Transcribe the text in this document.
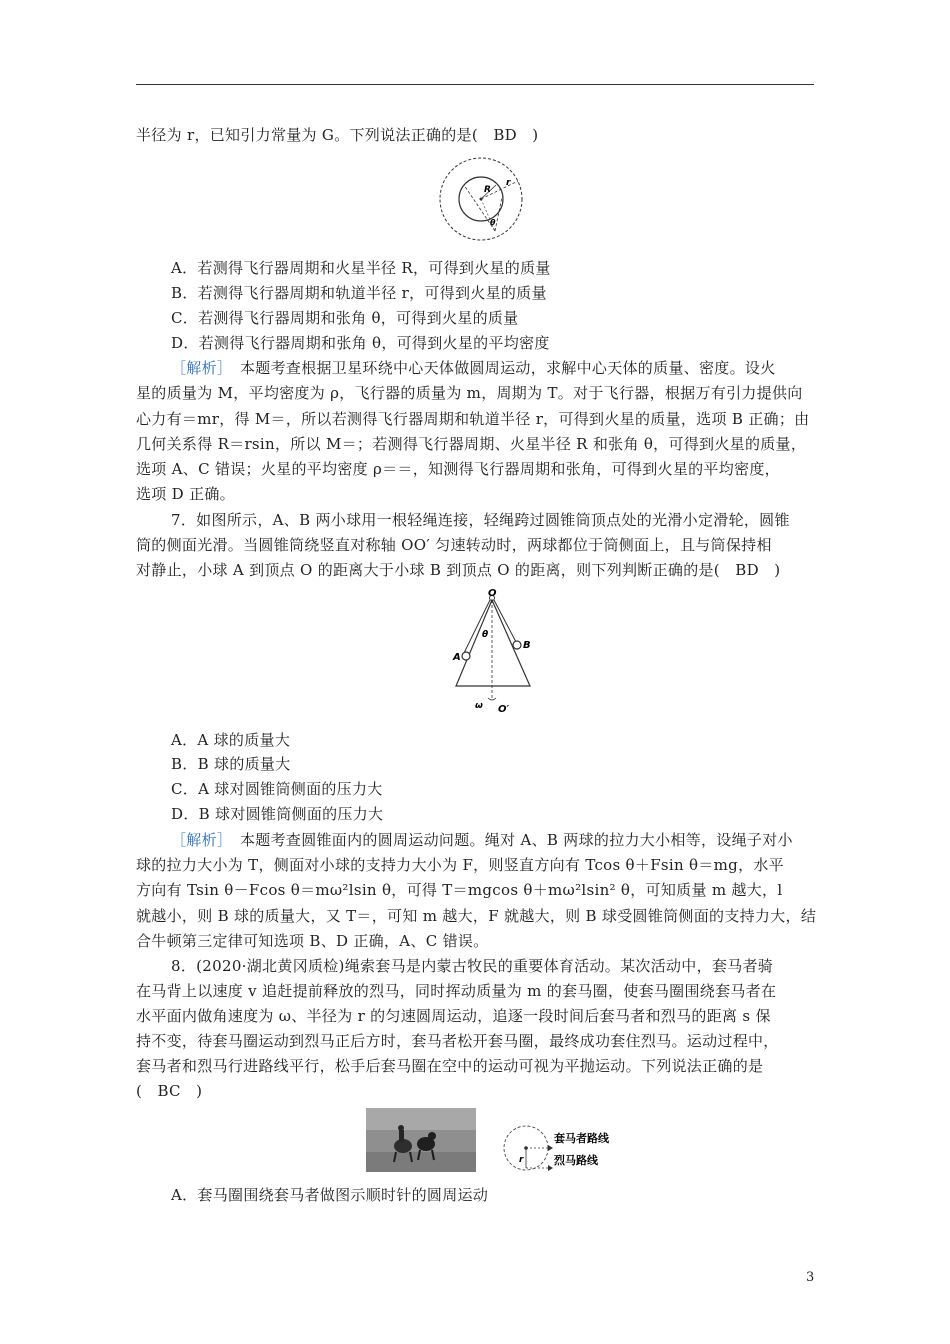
半径为 r，已知引力常量为 G。下列说法正确的是(　BD　)
R
r
θ
A．若测得飞行器周期和火星半径 R，可得到火星的质量
B．若测得飞行器周期和轨道半径 r，可得到火星的质量
C．若测得飞行器周期和张角 θ，可得到火星的质量
D．若测得飞行器周期和张角 θ，可得到火星的平均密度
［解析］　本题考查根据卫星环绕中心天体做圆周运动，求解中心天体的质量、密度。设火
星的质量为 M，平均密度为 ρ，飞行器的质量为 m，周期为 T。对于飞行器，根据万有引力提供向
心力有＝mr，得 M＝，所以若测得飞行器周期和轨道半径 r，可得到火星的质量，选项 B 正确；由
几何关系得 R＝rsin，所以 M＝；若测得飞行器周期、火星半径 R 和张角 θ，可得到火星的质量，
选项 A、C 错误；火星的平均密度 ρ＝＝，知测得飞行器周期和张角，可得到火星的平均密度，
选项 D 正确。
7．如图所示，A、B 两小球用一根轻绳连接，轻绳跨过圆锥筒顶点处的光滑小定滑轮，圆锥
筒的侧面光滑。当圆锥筒绕竖直对称轴 OO′ 匀速转动时，两球都位于筒侧面上，且与筒保持相
对静止，小球 A 到顶点 O 的距离大于小球 B 到顶点 O 的距离，则下列判断正确的是(　BD　)
O
A
B
θ
ω O′
A．A 球的质量大
B．B 球的质量大
C．A 球对圆锥筒侧面的压力大
D．B 球对圆锥筒侧面的压力大
［解析］　本题考查圆锥面内的圆周运动问题。绳对 A、B 两球的拉力大小相等，设绳子对小
球的拉力大小为 T，侧面对小球的支持力大小为 F，则竖直方向有 Tcos θ＋Fsin θ＝mg，水平
方向有 Tsin θ－Fcos θ＝mω²lsin θ，可得 T＝mgcos θ＋mω²lsin² θ，可知质量 m 越大，l
就越小，则 B 球的质量大，又 T＝，可知 m 越大，F 就越大，则 B 球受圆锥筒侧面的支持力大，结
合牛顿第三定律可知选项 B、D 正确，A、C 错误。
8．(2020·湖北黄冈质检)绳索套马是内蒙古牧民的重要体育活动。某次活动中，套马者骑
在马背上以速度 v 追赶提前释放的烈马，同时挥动质量为 m 的套马圈，使套马圈围绕套马者在
水平面内做角速度为 ω、半径为 r 的匀速圆周运动，追逐一段时间后套马者和烈马的距离 s 保
持不变，待套马圈运动到烈马正后方时，套马者松开套马圈，最终成功套住烈马。运动过程中，
套马者和烈马行进路线平行，松手后套马圈在空中的运动可视为平抛运动。下列说法正确的是
(　BC　)
套马者路线
烈马路线
r
A．套马圈围绕套马者做图示顺时针的圆周运动
3
